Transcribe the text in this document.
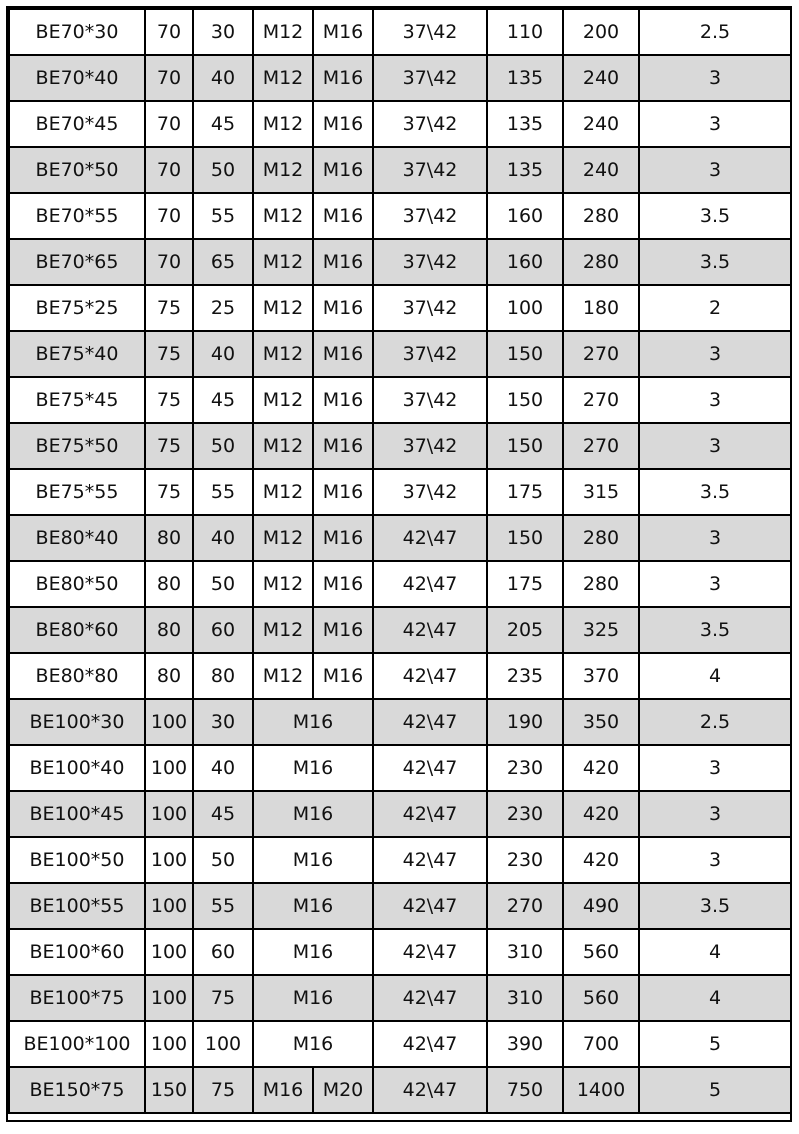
BE70*30	70	30	M12	M16	37\42	110	200	2.5
BE70*40	70	40	M12	M16	37\42	135	240	3
BE70*45	70	45	M12	M16	37\42	135	240	3
BE70*50	70	50	M12	M16	37\42	135	240	3
BE70*55	70	55	M12	M16	37\42	160	280	3.5
BE70*65	70	65	M12	M16	37\42	160	280	3.5
BE75*25	75	25	M12	M16	37\42	100	180	2
BE75*40	75	40	M12	M16	37\42	150	270	3
BE75*45	75	45	M12	M16	37\42	150	270	3
BE75*50	75	50	M12	M16	37\42	150	270	3
BE75*55	75	55	M12	M16	37\42	175	315	3.5
BE80*40	80	40	M12	M16	42\47	150	280	3
BE80*50	80	50	M12	M16	42\47	175	280	3
BE80*60	80	60	M12	M16	42\47	205	325	3.5
BE80*80	80	80	M12	M16	42\47	235	370	4
BE100*30	100	30	M16		42\47	190	350	2.5
BE100*40	100	40	M16		42\47	230	420	3
BE100*45	100	45	M16		42\47	230	420	3
BE100*50	100	50	M16		42\47	230	420	3
BE100*55	100	55	M16		42\47	270	490	3.5
BE100*60	100	60	M16		42\47	310	560	4
BE100*75	100	75	M16		42\47	310	560	4
BE100*100	100	100	M16		42\47	390	700	5
BE150*75	150	75	M16	M20	42\47	750	1400	5
